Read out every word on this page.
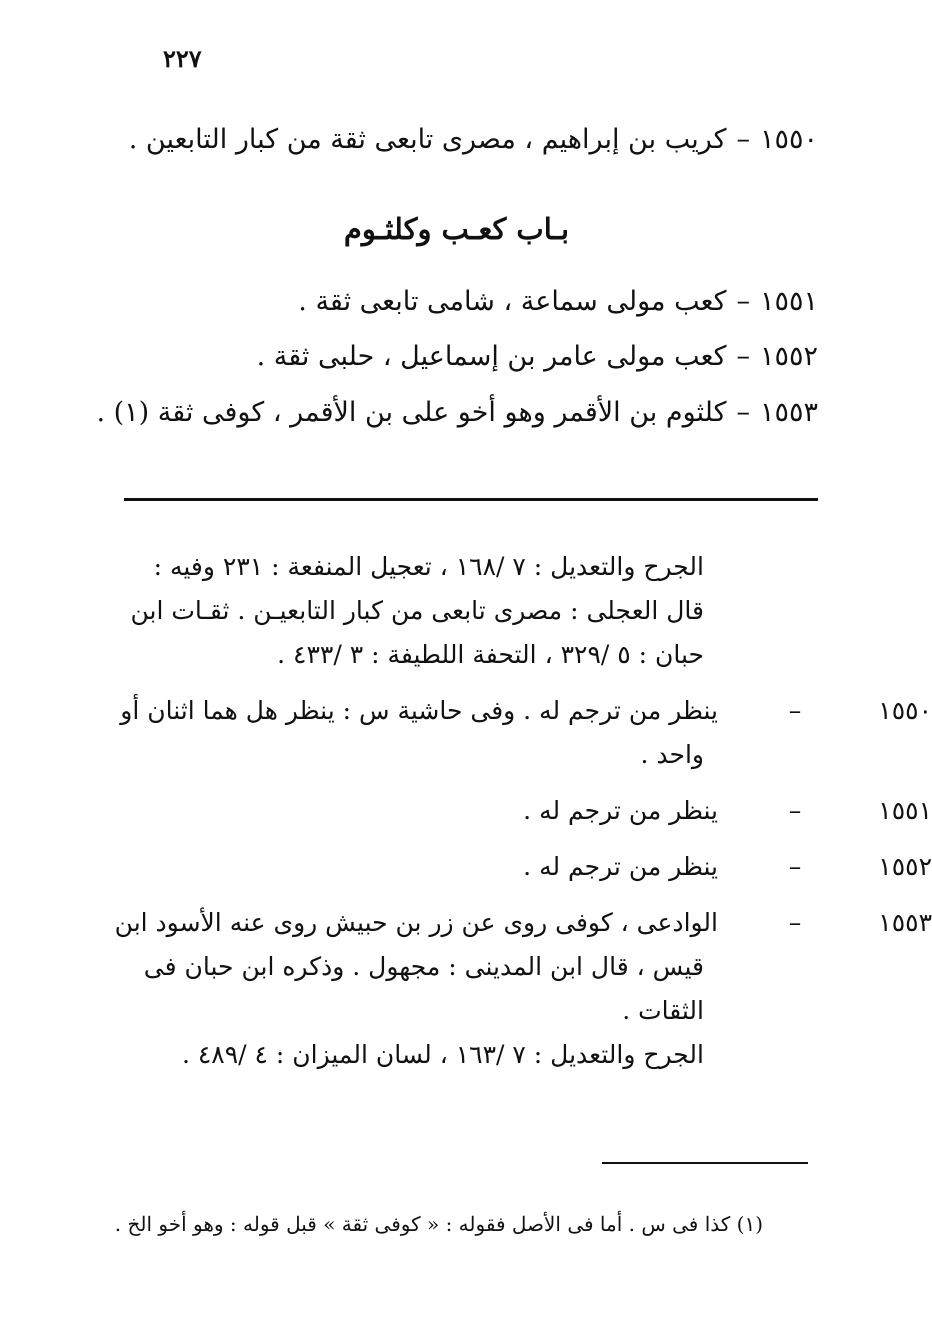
٢٢٧
١٥٥٠–كريب بن إبراهيم ، مصرى تابعى ثقة من كبار التابعين .
بـاب كعـب وكلثـوم
١٥٥١–كعب مولى سماعة ، شامى تابعى ثقة .
١٥٥٢–كعب مولى عامر بن إسماعيل ، حلبى ثقة .
١٥٥٣–كلثوم بن الأقمر وهو أخو على بن الأقمر ، كوفى ثقة (١) .
الجرح والتعديل : ٧ /١٦٨ ، تعجيل المنفعة : ٢٣١ وفيه : قال العجلى : مصرى تابعى من كبار التابعيـن . ثقـات ابن حبان : ٥ /٣٢٩ ، التحفة اللطيفة : ٣ /٤٣٣ .
١٥٥٠–ينظر من ترجم له . وفى حاشية س : ينظر هل هما اثنان أو واحد .
١٥٥١–ينظر من ترجم له .
١٥٥٢–ينظر من ترجم له .
١٥٥٣–الوادعى ، كوفى روى عن زر بن حبيش روى عنه الأسود ابن قيس ، قال ابن المدينى : مجهول . وذكره ابن حبان فى الثقات .
الجرح والتعديل : ٧ /١٦٣ ، لسان الميزان : ٤ /٤٨٩ .
(١) كذا فى س . أما فى الأصل فقوله : « كوفى ثقة » قبل قوله : وهو أخو الخ .
